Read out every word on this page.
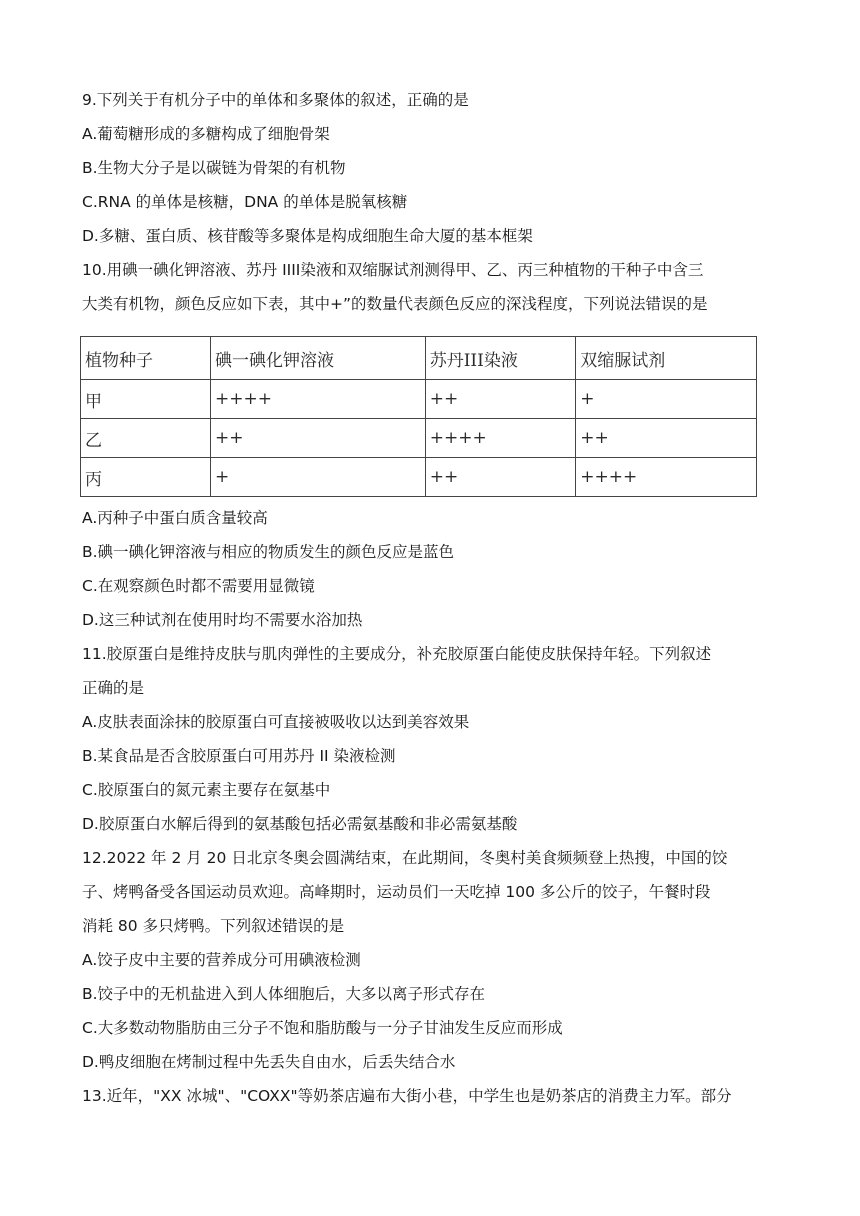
9.下列关于有机分子中的单体和多聚体的叙述，正确的是
A.葡萄糖形成的多糖构成了细胞骨架
B.生物大分子是以碳链为骨架的有机物
C.RNA 的单体是核糖，DNA 的单体是脱氧核糖
D.多糖、蛋白质、核苷酸等多聚体是构成细胞生命大厦的基本框架
10.用碘一碘化钾溶液、苏丹 IIII染液和双缩脲试剂测得甲、乙、丙三种植物的干种子中含三
大类有机物，颜色反应如下表，其中+”的数量代表颜色反应的深浅程度，下列说法错误的是
植物种子	碘一碘化钾溶液	苏丹III染液	双缩脲试剂
甲	++++	++	+
乙	++	++++	++
丙	+	++	++++
A.丙种子中蛋白质含量较高
B.碘一碘化钾溶液与相应的物质发生的颜色反应是蓝色
C.在观察颜色时都不需要用显微镜
D.这三种试剂在使用时均不需要水浴加热
11.胶原蛋白是维持皮肤与肌肉弹性的主要成分，补充胶原蛋白能使皮肤保持年轻。下列叙述
正确的是
A.皮肤表面涂抹的胶原蛋白可直接被吸收以达到美容效果
B.某食品是否含胶原蛋白可用苏丹 II 染液检测
C.胶原蛋白的氮元素主要存在氨基中
D.胶原蛋白水解后得到的氨基酸包括必需氨基酸和非必需氨基酸
12.2022 年 2 月 20 日北京冬奥会圆满结束，在此期间，冬奥村美食频频登上热搜，中国的饺
子、烤鸭备受各国运动员欢迎。高峰期时，运动员们一天吃掉 100 多公斤的饺子，午餐时段
消耗 80 多只烤鸭。下列叙述错误的是
A.饺子皮中主要的营养成分可用碘液检测
B.饺子中的无机盐进入到人体细胞后，大多以离子形式存在
C.大多数动物脂肪由三分子不饱和脂肪酸与一分子甘油发生反应而形成
D.鸭皮细胞在烤制过程中先丢失自由水，后丢失结合水
13.近年，"XX 冰城"、"COXX"等奶茶店遍布大街小巷，中学生也是奶茶店的消费主力军。部分
